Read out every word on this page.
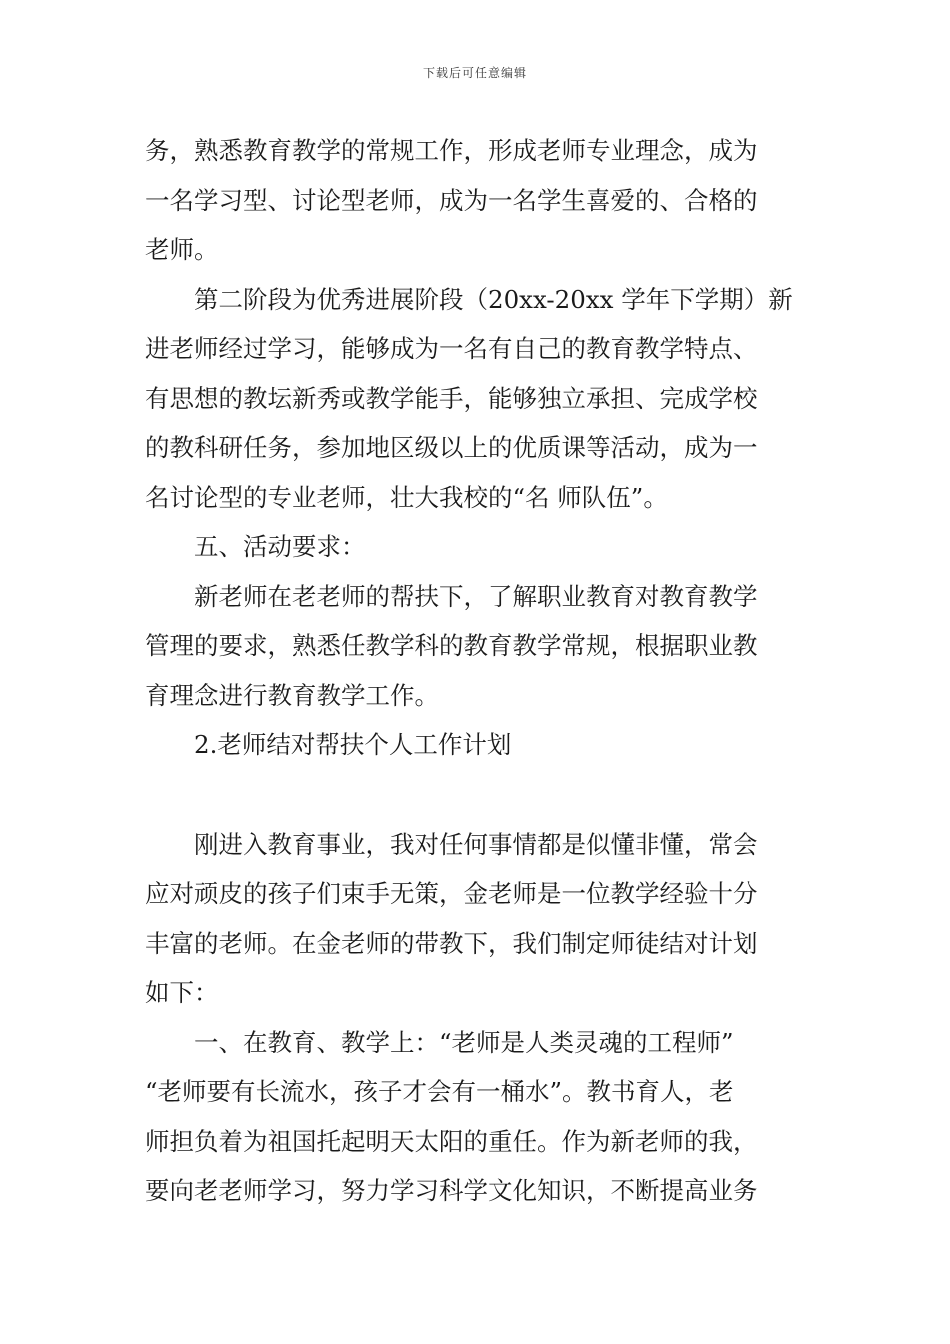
下载后可任意编辑
务，熟悉教育教学的常规工作，形成老师专业理念，成为
一名学习型、讨论型老师，成为一名学生喜爱的、合格的
老师。
第二阶段为优秀进展阶段（20xx-20xx 学年下学期）新
进老师经过学习，能够成为一名有自己的教育教学特点、
有思想的教坛新秀或教学能手，能够独立承担、完成学校
的教科研任务，参加地区级以上的优质课等活动，成为一
名讨论型的专业老师，壮大我校的“名 师队伍”。
五、活动要求：
新老师在老老师的帮扶下，了解职业教育对教育教学
管理的要求，熟悉任教学科的教育教学常规，根据职业教
育理念进行教育教学工作。
2.老师结对帮扶个人工作计划
刚进入教育事业，我对任何事情都是似懂非懂，常会
应对顽皮的孩子们束手无策，金老师是一位教学经验十分
丰富的老师。在金老师的带教下，我们制定师徒结对计划
如下：
一、在教育、教学上：“老师是人类灵魂的工程师”
“老师要有长流水，孩子才会有一桶水”。教书育人，老
师担负着为祖国托起明天太阳的重任。作为新老师的我，
要向老老师学习，努力学习科学文化知识，不断提高业务
